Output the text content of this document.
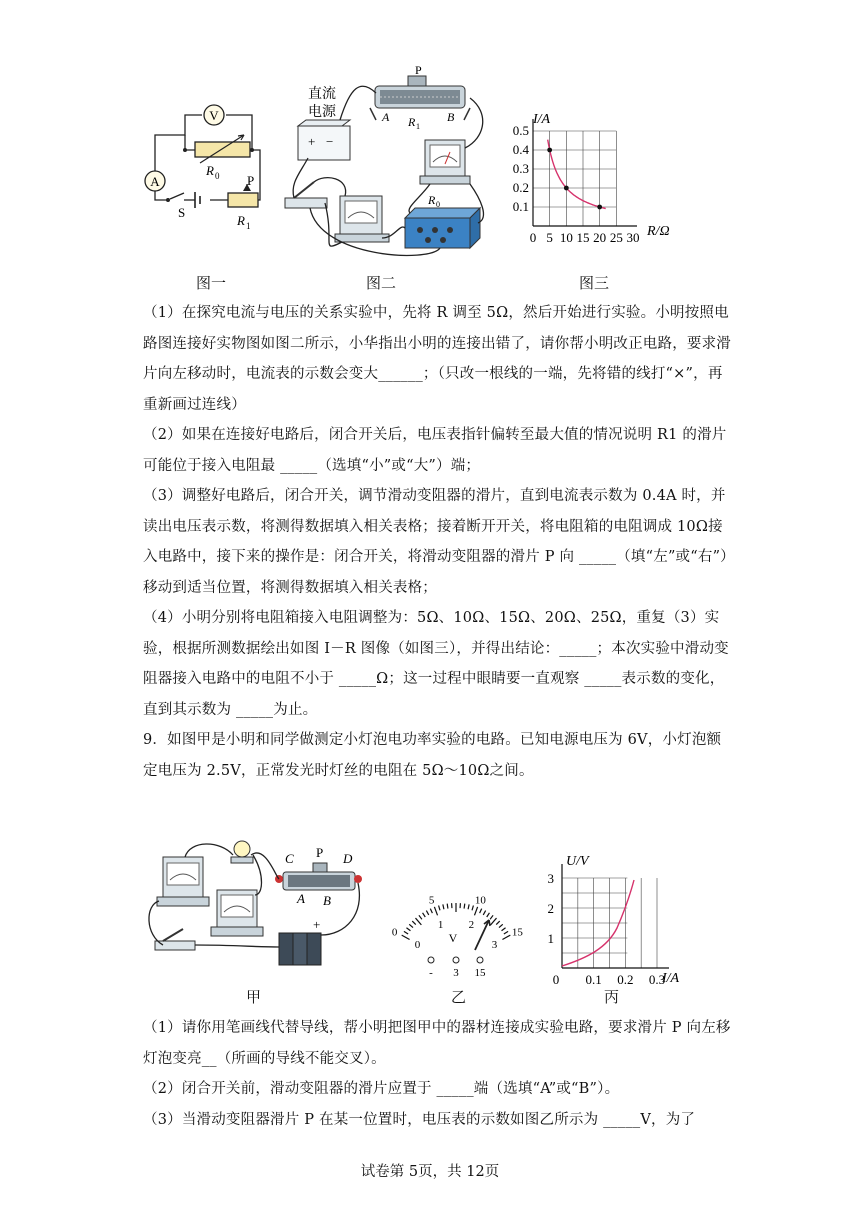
V
A
R 0
S
P
R 1
图一
直流
电源
+ −
P
A R 1
B
R 0
图二
I/A
R/Ω
0 5 10 15 20 25 30
0.5
0.4
0.3
0.2
0.1
图三

（1）在探究电流与电压的关系实验中，先将 R 调至 5Ω，然后开始进行实验。小明按照电路图连接好实物图如图二所示，小华指出小明的连接出错了，请你帮小明改正电路，要求滑片向左移动时，电流表的示数会变大______；（只改一根线的一端，先将错的线打“×”，再重新画过连线）

（2）如果在连接好电路后，闭合开关后，电压表指针偏转至最大值的情况说明 R1 的滑片可能位于接入电阻最 _____（选填“小”或“大”）端；

（3）调整好电路后，闭合开关，调节滑动变阻器的滑片，直到电流表示数为 0.4A 时，并读出电压表示数，将测得数据填入相关表格；接着断开开关，将电阻箱的电阻调成 10Ω接入电路中，接下来的操作是：闭合开关，将滑动变阻器的滑片 P 向 _____（填“左”或“右”）移动到适当位置，将测得数据填入相关表格；

（4）小明分别将电阻箱接入电阻调整为：5Ω、10Ω、15Ω、20Ω、25Ω，重复（3）实验，根据所测数据绘出如图 I－R 图像（如图三），并得出结论：_____；本次实验中滑动变阻器接入电路中的电阻不小于 _____Ω；这一过程中眼睛要一直观察 _____表示数的变化，直到其示数为 _____为止。

9．如图甲是小明和同学做测定小灯泡电功率实验的电路。已知电源电压为 6V，小灯泡额定电压为 2.5V，正常发光时灯丝的电阻在 5Ω～10Ω之间。

C P D
A B
+
甲
0
5	10
15
0
1 2
3
V
- 3 15
乙
U/V
I/A
3
2
1
0 0.1 0.2 0.3
丙

（1）请你用笔画线代替导线，帮小明把图甲中的器材连接成实验电路，要求滑片 P 向左移灯泡变亮__（所画的导线不能交叉）。

（2）闭合开关前，滑动变阻器的滑片应置于 _____端（选填“A”或“B”）。

（3）当滑动变阻器滑片 P 在某一位置时，电压表的示数如图乙所示为 _____V，为了

试卷第 5页，共 12页
